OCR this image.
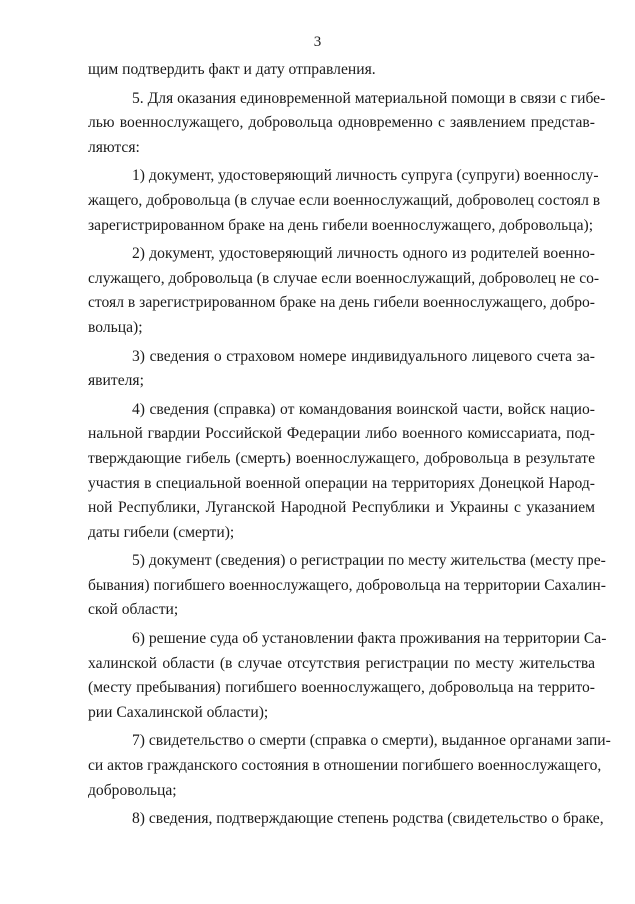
3
щим подтвердить факт и дату отправления.
5. Для оказания единовременной материальной помощи в связи с гибе-
лью военнослужащего, добровольца одновременно с заявлением представ-
ляются:
1) документ, удостоверяющий личность супруга (супруги) военнослу-
жащего, добровольца (в случае если военнослужащий, доброволец состоял в
зарегистрированном браке на день гибели военнослужащего, добровольца);
2) документ, удостоверяющий личность одного из родителей военно-
служащего, добровольца (в случае если военнослужащий, доброволец не со-
стоял в зарегистрированном браке на день гибели военнослужащего, добро-
вольца);
3) сведения о страховом номере индивидуального лицевого счета за-
явителя;
4) сведения (справка) от командования воинской части, войск нацио-
нальной гвардии Российской Федерации либо военного комиссариата, под-
тверждающие гибель (смерть) военнослужащего, добровольца в результате
участия в специальной военной операции на территориях Донецкой Народ-
ной Республики, Луганской Народной Республики и Украины с указанием
даты гибели (смерти);
5) документ (сведения) о регистрации по месту жительства (месту пре-
бывания) погибшего военнослужащего, добровольца на территории Сахалин-
ской области;
6) решение суда об установлении факта проживания на территории Са-
халинской области (в случае отсутствия регистрации по месту жительства
(месту пребывания) погибшего военнослужащего, добровольца на террито-
рии Сахалинской области);
7) свидетельство о смерти (справка о смерти), выданное органами запи-
си актов гражданского состояния в отношении погибшего военнослужащего,
добровольца;
8) сведения, подтверждающие степень родства (свидетельство о браке,
